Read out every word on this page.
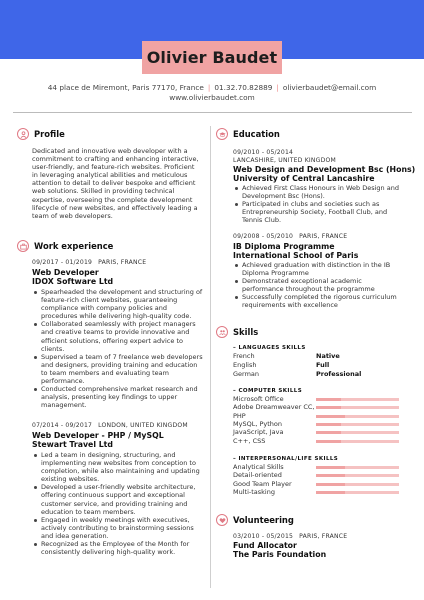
Olivier Baudet
44 place de Miremont, Paris 77170, France | 01.32.70.82889 | olivierbaudet@email.com
www.olivierbaudet.com
Profile
Dedicated and innovative web developer with a
commitment to crafting and enhancing interactive,
user-friendly, and feature-rich websites. Proficient
in leveraging analytical abilities and meticulous
attention to detail to deliver bespoke and efficient
web solutions. Skilled in providing technical
expertise, overseeing the complete development
lifecycle of new websites, and effectively leading a
team of web developers.
Work experience
09/2017 - 01/2019 PARIS, FRANCE
Web Developer
IDOX Software Ltd
Spearheaded the development and structuring of
feature-rich client websites, guaranteeing
compliance with company policies and
procedures while delivering high-quality code.
Collaborated seamlessly with project managers
and creative teams to provide innovative and
efficient solutions, offering expert advice to
clients.
Supervised a team of 7 freelance web developers
and designers, providing training and education
to team members and evaluating team
performance.
Conducted comprehensive market research and
analysis, presenting key findings to upper
management.
07/2014 - 09/2017 LONDON, UNITED KINGDOM
Web Developer - PHP / MySQL
Stewart Travel Ltd
Led a team in designing, structuring, and
implementing new websites from conception to
completion, while also maintaining and updating
existing websites.
Developed a user-friendly website architecture,
offering continuous support and exceptional
customer service, and providing training and
education to team members.
Engaged in weekly meetings with executives,
actively contributing to brainstorming sessions
and idea generation.
Recognized as the Employee of the Month for
consistently delivering high-quality work.
Education
09/2010 - 05/2014
LANCASHIRE, UNITED KINGDOM
Web Design and Development Bsc (Hons)
University of Central Lancashire
Achieved First Class Honours in Web Design and
Development Bsc (Hons).
Participated in clubs and societies such as
Entrepreneurship Society, Football Club, and
Tennis Club.
09/2008 - 05/2010 PARIS, FRANCE
IB Diploma Programme
International School of Paris
Achieved graduation with distinction in the IB
Diploma Programme
Demonstrated exceptional academic
performance throughout the programme
Successfully completed the rigorous curriculum
requirements with excellence
Skills
– LANGUAGES SKILLS
French	Native
English	Full
German	Professional
– COMPUTER SKILLS
Microsoft Office
Adobe Dreamweaver CC,
PHP
MySQL, Python
JavaScript, Java
C++, CSS
– INTERPERSONAL/LIFE SKILLS
Analytical Skills
Detail-oriented
Good Team Player
Multi-tasking
Volunteering
03/2010 - 05/2015 PARIS, FRANCE
Fund Allocator
The Paris Foundation
